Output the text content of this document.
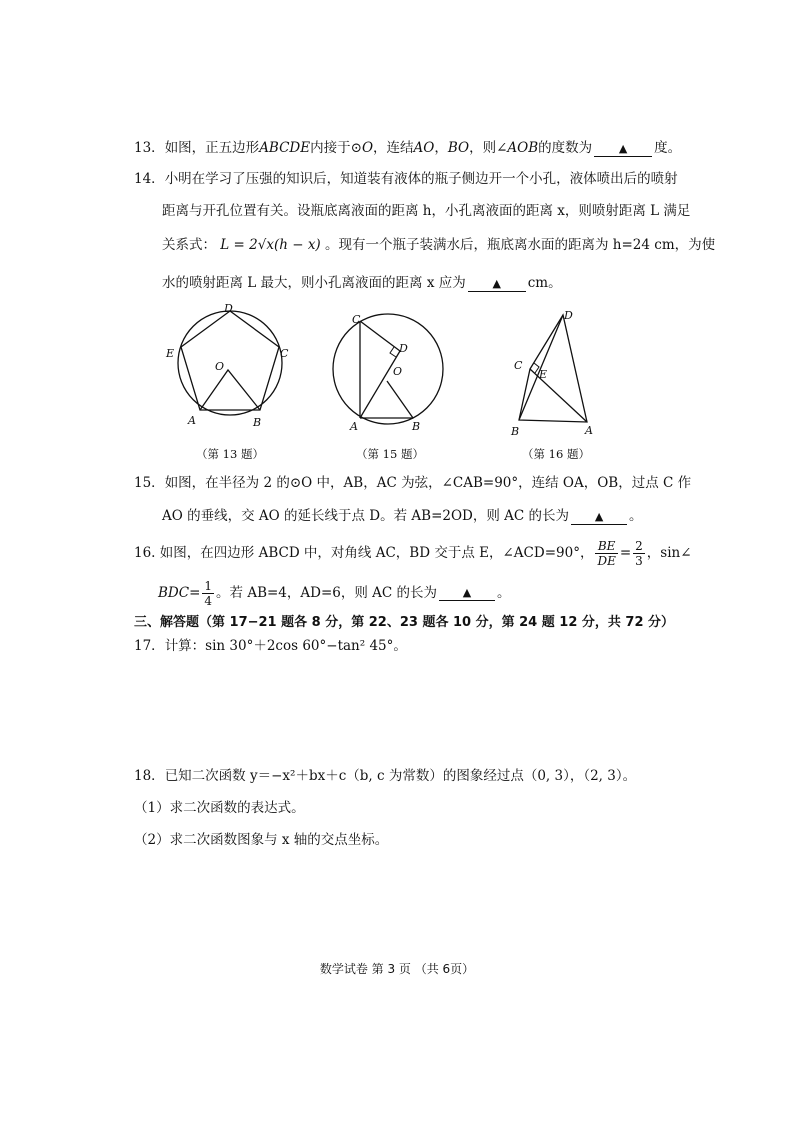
13．如图，正五边形ABCDE内接于⊙O，连结AO，BO，则∠AOB的度数为 ▲ 度。
14．小明在学习了压强的知识后，知道装有液体的瓶子侧边开一个小孔，液体喷出后的喷射
距离与开孔位置有关。设瓶底离液面的距离 h，小孔离液面的距离 x，则喷射距离 L 满足
关系式： L = 2√x(h − x) 。现有一个瓶子装满水后，瓶底离水面的距离为 h=24 cm，为使
水的喷射距离 L 最大，则小孔离液面的距离 x 应为 ▲ cm。
D
E	C
O
A	B
（第 13 题）
C
D
O
A	B
（第 15 题）
D
C
E
B	A
（第 16 题）
15．如图，在半径为 2 的⊙O 中，AB，AC 为弦，∠CAB=90°，连结 OA，OB，过点 C 作
AO 的垂线，交 AO 的延长线于点 D。若 AB=2OD，则 AC 的长为 ▲ 。
16.
如图，在四边形 ABCD 中，对角线 AC，BD 交于点 E，∠ACD=90°， $\frac{BE}{DE} = \frac{2}{3}$ ，sin∠
$BDC= \frac{1}{4}$ 。若 AB=4，AD=6，则 AC 的长为	▲	。
三、解答题（第 17−21 题各 8 分，第 22、23 题各 10 分，第 24 题 12 分，共 72 分）
17．计算：sin 30°＋2cos 60°−tan² 45°。
18．已知二次函数 y＝−x²＋bx＋c（b, c 为常数）的图象经过点（0, 3），（2, 3）。
（1）求二次函数的表达式。
（2）求二次函数图象与 x 轴的交点坐标。
数学试卷 第 3 页 （共 6页）
